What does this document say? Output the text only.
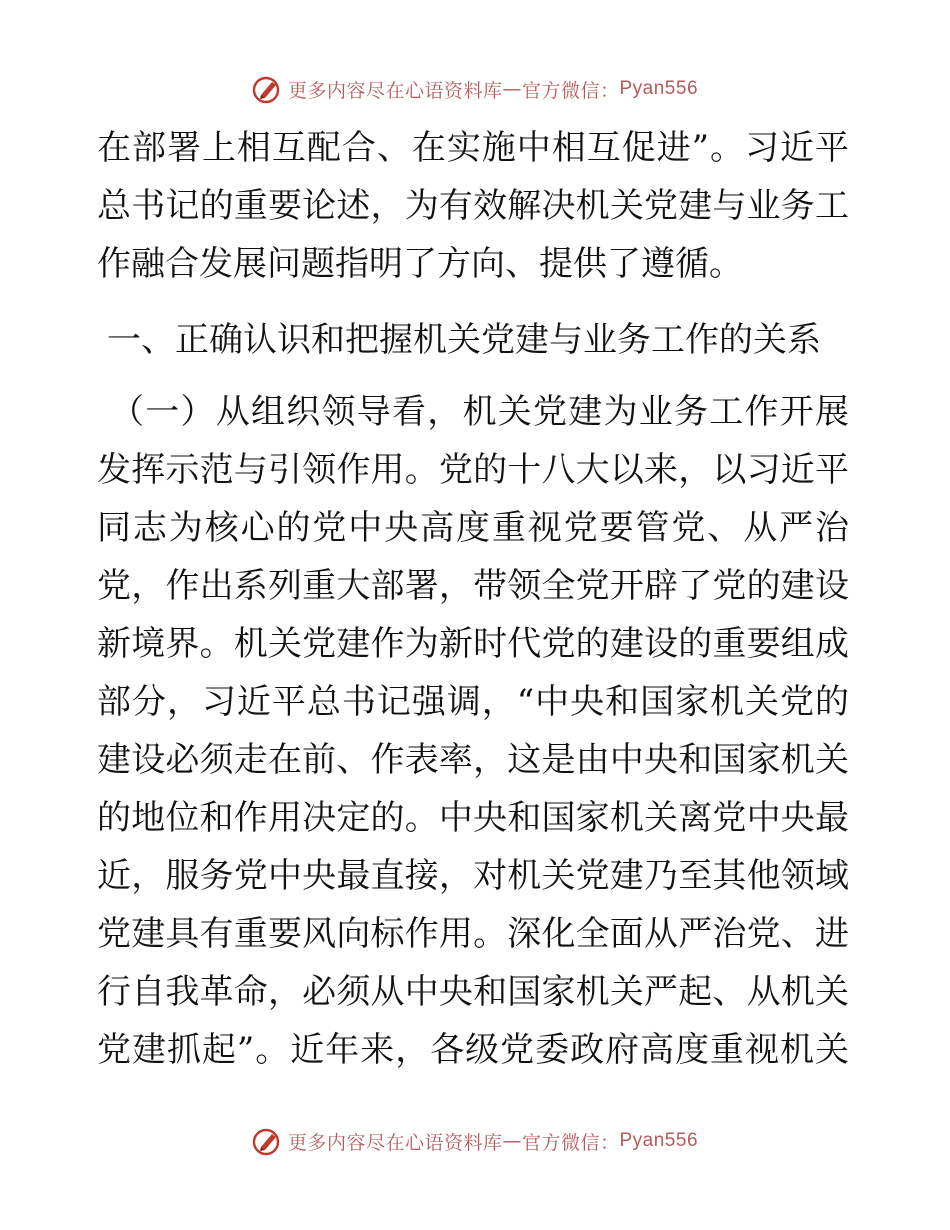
更多内容尽在心语资料库 — 官方微信： Pyan556
在部署上相互配合、在实施中相互促进”。习近平
总书记的重要论述，为有效解决机关党建与业务工
作融合发展问题指明了方向、提供了遵循。
一、正确认识和把握机关党建与业务工作的关系
（一）从组织领导看，机关党建为业务工作开展
发挥示范与引领作用。党的十八大以来，以习近平
同志为核心的党中央高度重视党要管党、从严治
党，作出系列重大部署，带领全党开辟了党的建设
新境界。机关党建作为新时代党的建设的重要组成
部分，习近平总书记强调，“中央和国家机关党的
建设必须走在前、作表率，这是由中央和国家机关
的地位和作用决定的。中央和国家机关离党中央最
近，服务党中央最直接，对机关党建乃至其他领域
党建具有重要风向标作用。深化全面从严治党、进
行自我革命，必须从中央和国家机关严起、从机关
党建抓起”。近年来，各级党委政府高度重视机关
更多内容尽在心语资料库 — 官方微信： Pyan556
